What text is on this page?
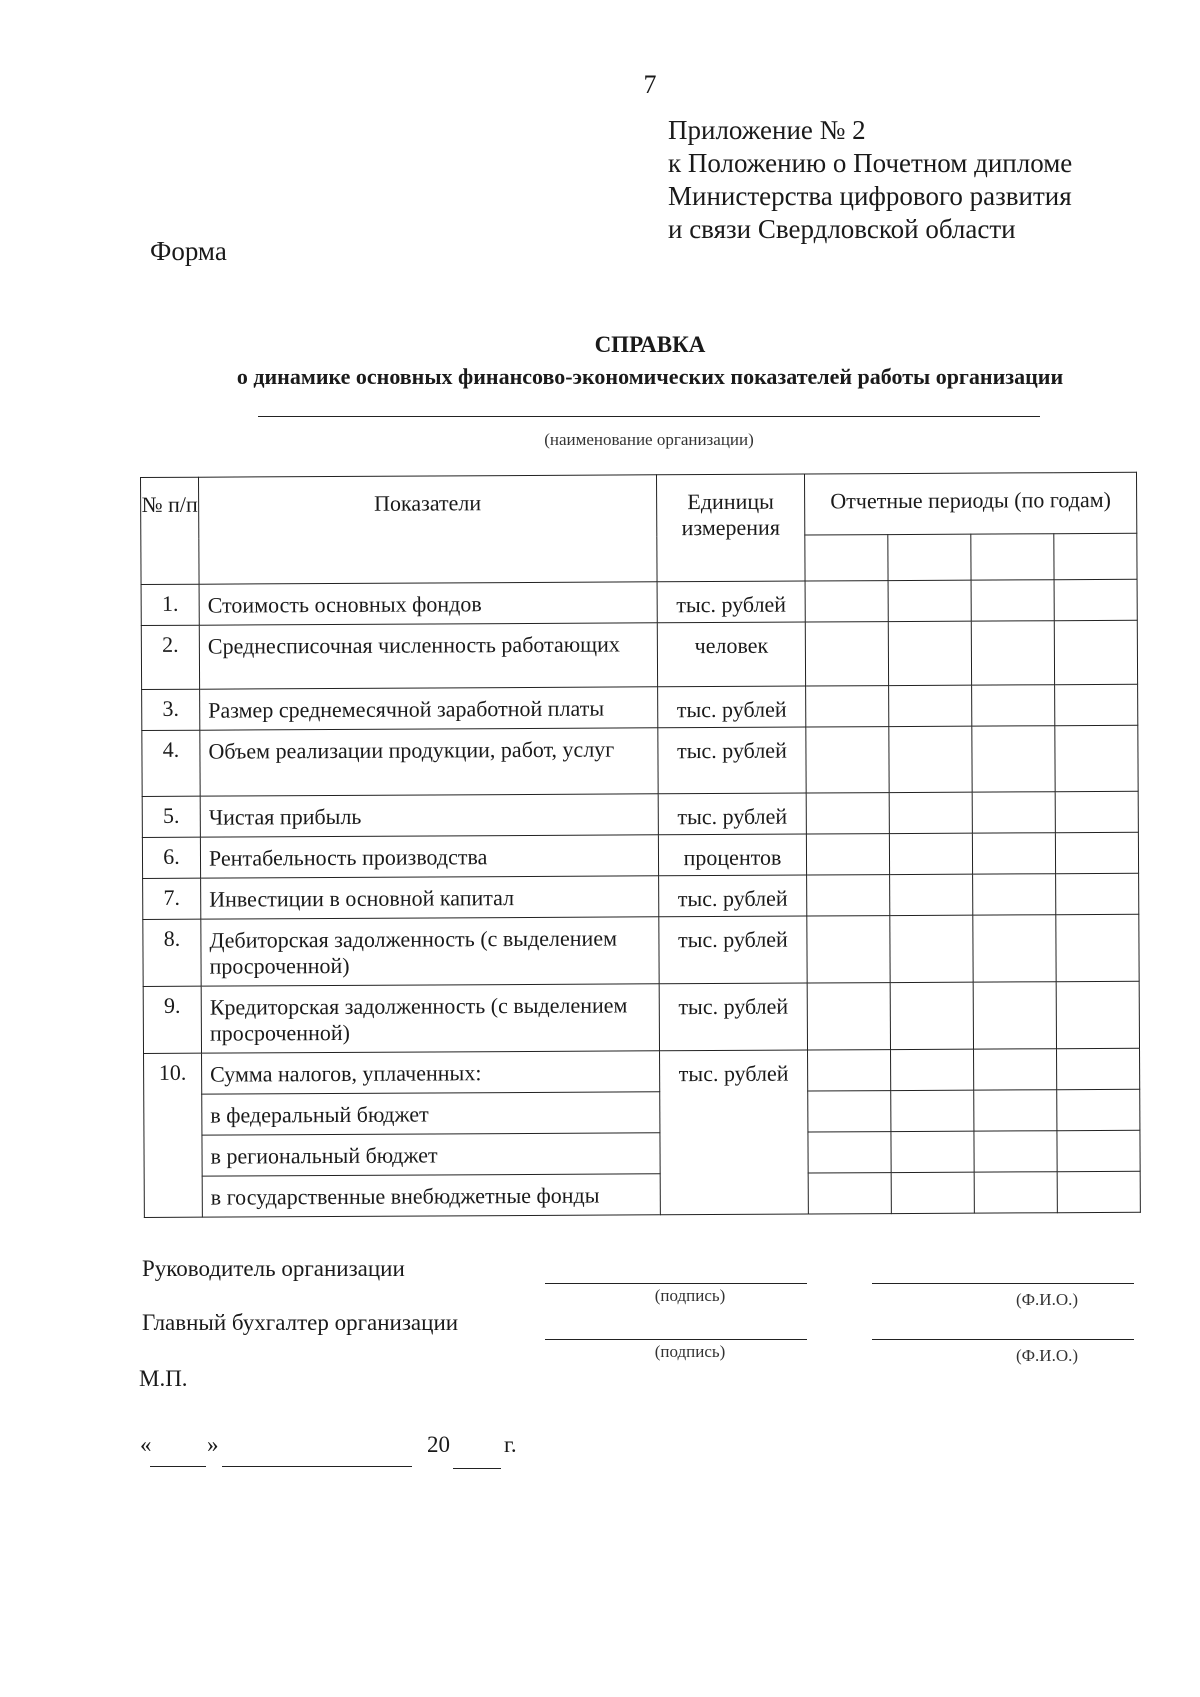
7
Приложение № 2
к Положению о Почетном дипломе
Министерства цифрового развития
и связи Свердловской области
Форма
СПРАВКА
о динамике основных финансово-экономических показателей работы организации
(наименование организации)
№ п/п	Показатели	Единицы измерения	Отчетные периоды (по годам)			

1.	Стоимость основных фондов	тыс. рублей				
2.	Среднесписочная численность работающих	человек				
3.	Размер среднемесячной заработной платы	тыс. рублей				
4.	Объем реализации продукции, работ, услуг	тыс. рублей				
5.	Чистая прибыль	тыс. рублей				
6.	Рентабельность производства	процентов				
7.	Инвестиции в основной капитал	тыс. рублей				
8.	Дебиторская задолженность (с выделением просроченной)	тыс. рублей				
9.	Кредиторская задолженность (с выделением просроченной)	тыс. рублей				
10.	Сумма налогов, уплаченных:	тыс. рублей				
	в федеральный бюджет					
	в региональный бюджет					
	в государственные внебюджетные фонды					
Руководитель организации
(подпись)	(Ф.И.О.)
Главный бухгалтер организации
(подпись)	(Ф.И.О.)
М.П.
« »	20 г.
